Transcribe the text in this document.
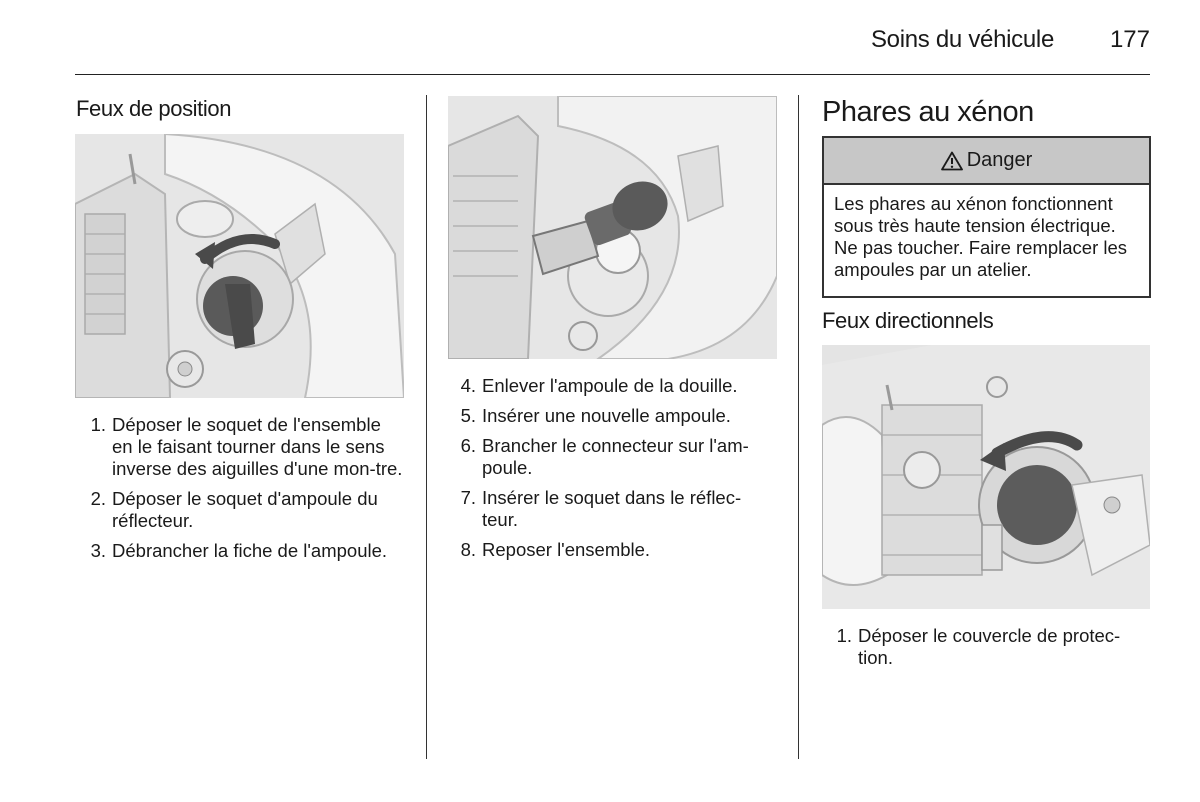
Soins du véhicule 177
Feux de position
1. Déposer le soquet de l'ensemble en le faisant tourner dans le sens inverse des aiguilles d'une mon-tre.
2. Déposer le soquet d'ampoule du réflecteur.
3. Débrancher la fiche de l'ampoule.
4. Enlever l'ampoule de la douille.
5. Insérer une nouvelle ampoule.
6. Brancher le connecteur sur l'am-poule.
7. Insérer le soquet dans le réflec-teur.
8. Reposer l'ensemble.
Phares au xénon
Danger
Les phares au xénon fonctionnent sous très haute tension électrique. Ne pas toucher. Faire remplacer les ampoules par un atelier.
Feux directionnels
1. Déposer le couvercle de protec-tion.
